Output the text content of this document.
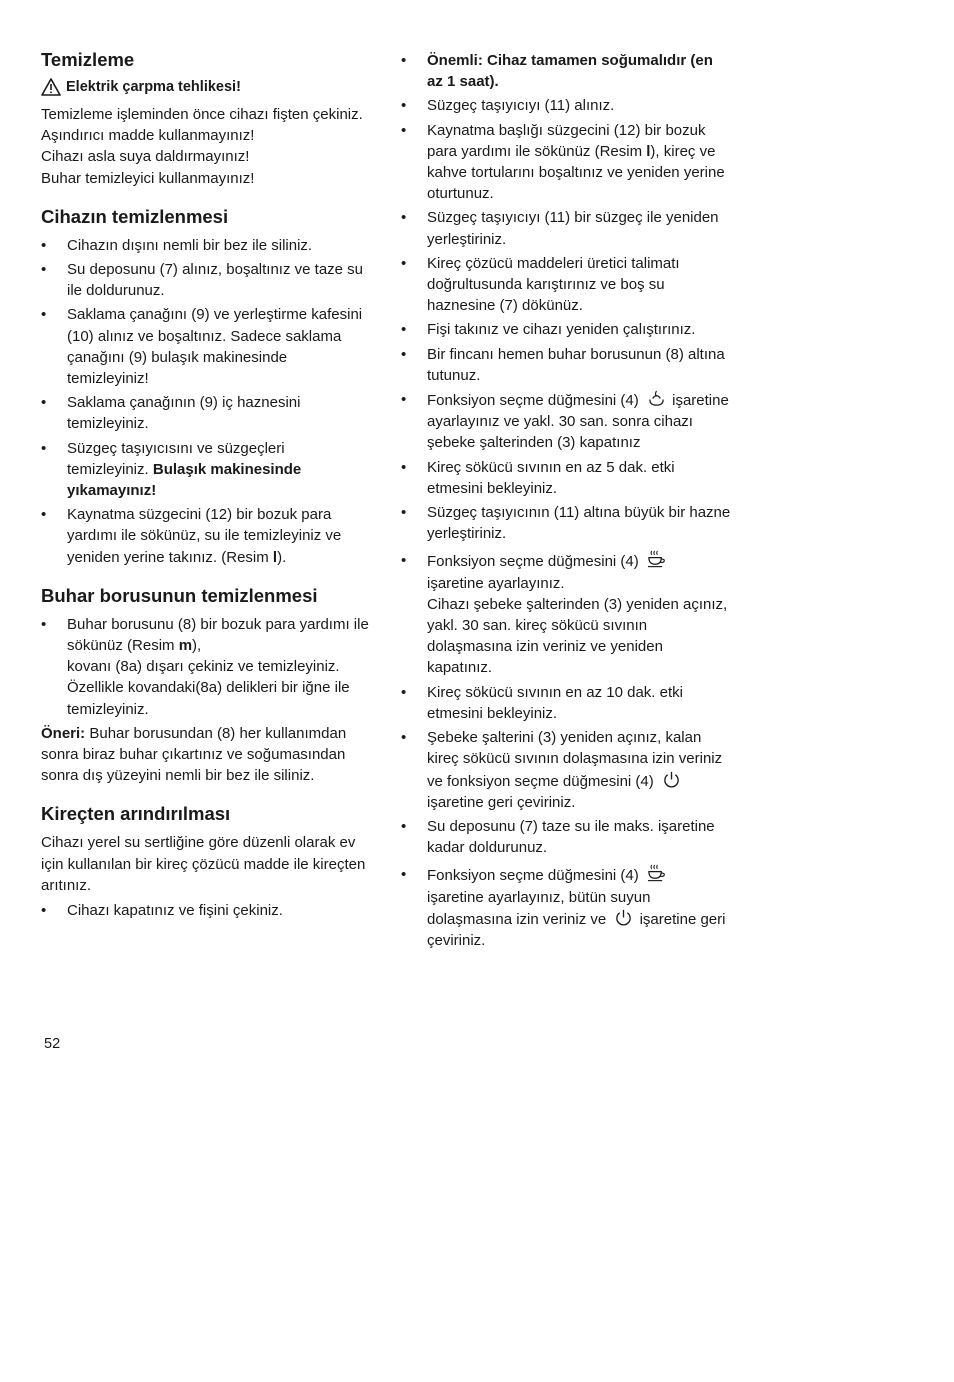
Temizleme
Elektrik çarpma tehlikesi!

Temizleme işleminden önce cihazı fişten çekiniz.

Aşındırıcı madde kullanmayınız!

Cihazı asla suya daldırmayınız!

Buhar temizleyici kullanmayınız!

Cihazın temizlenmesi
• Cihazın dışını nemli bir bez ile siliniz.
• Su deposunu (7) alınız, boşaltınız ve taze su ile doldurunuz.
• Saklama çanağını (9) ve yerleştirme kafesini (10) alınız ve boşaltınız. Sadece saklama çanağını (9) bulaşık makinesinde temizleyiniz!
• Saklama çanağının (9) iç haznesini temizleyiniz.
• Süzgeç taşıyıcısını ve süzgeçleri temizleyiniz. Bulaşık makinesinde yıkamayınız!
• Kaynatma süzgecini (12) bir bozuk para yardımı ile sökünüz, su ile temizleyiniz ve yeniden yerine takınız. (Resim l).
Buhar borusunun temizlenmesi
• Buhar borusunu (8) bir bozuk para yardımı ile sökünüz (Resim m),
kovanı (8a) dışarı çekiniz ve temizleyiniz.
Özellikle kovandaki(8a) delikleri bir iğne ile temizleyiniz.

Öneri: Buhar borusundan (8) her kullanımdan sonra biraz buhar çıkartınız ve soğumasından sonra dış yüzeyini nemli bir bez ile siliniz.

Kireçten arındırılması

Cihazı yerel su sertliğine göre düzenli olarak ev için kullanılan bir kireç çözücü madde ile kireçten arıtınız.

• Cihazı kapatınız ve fişini çekiniz.
• Önemli: Cihaz tamamen soğumalıdır (en az 1 saat).
• Süzgeç taşıyıcıyı (11) alınız.
• Kaynatma başlığı süzgecini (12) bir bozuk para yardımı ile sökünüz (Resim l), kireç ve kahve tortularını boşaltınız ve yeniden yerine oturtunuz.
• Süzgeç taşıyıcıyı (11) bir süzgeç ile yeniden yerleştiriniz.
• Kireç çözücü maddeleri üretici talimatı doğrultusunda karıştırınız ve boş su haznesine (7) dökünüz.
• Fişi takınız ve cihazı yeniden çalıştırınız.
• Bir fincanı hemen buhar borusunun (8) altına tutunuz.
• Fonksiyon seçme düğmesini (4) işaretine ayarlayınız ve yakl. 30 san. sonra cihazı şebeke şalterinden (3) kapatınız
• Kireç sökücü sıvının en az 5 dak. etki etmesini bekleyiniz.
• Süzgeç taşıyıcının (11) altına büyük bir hazne yerleştiriniz.
• Fonksiyon seçme düğmesini (4)
işaretine ayarlayınız.
Cihazı şebeke şalterinden (3) yeniden açınız, yakl. 30 san. kireç sökücü sıvının dolaşmasına izin veriniz ve yeniden kapatınız.
• Kireç sökücü sıvının en az 10 dak. etki etmesini bekleyiniz.
• Şebeke şalterini (3) yeniden açınız, kalan kireç sökücü sıvının dolaşmasına izin veriniz ve fonksiyon seçme düğmesini (4)  işaretine geri çeviriniz.
• Su deposunu (7) taze su ile maks. işaretine kadar doldurunuz.
• Fonksiyon seçme düğmesini (4)
işaretine ayarlayınız, bütün suyun dolaşmasına izin veriniz ve işaretine geri çeviriniz.
52
